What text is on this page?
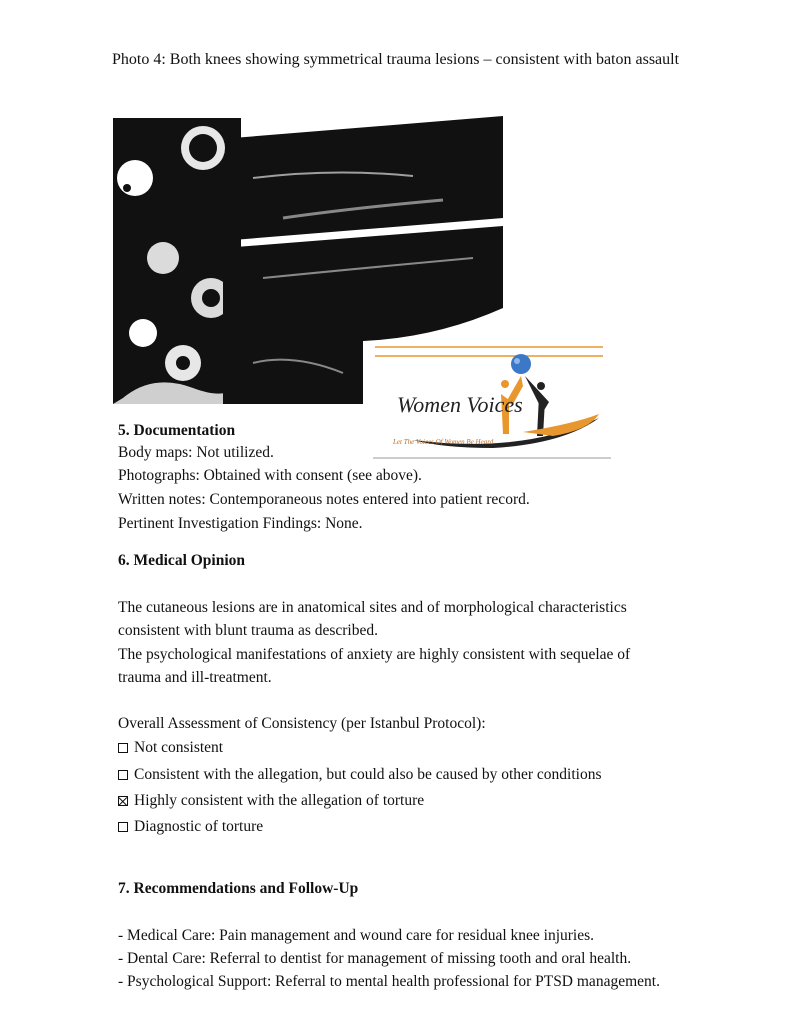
Photo 4: Both knees showing symmetrical trauma lesions – consistent with baton assault
Women Voices
Let The Voices Of Women Be Heard
5. Documentation
Body maps: Not utilized.
Photographs: Obtained with consent (see above).
Written notes: Contemporaneous notes entered into patient record.
Pertinent Investigation Findings: None.
6. Medical Opinion
The cutaneous lesions are in anatomical sites and of morphological characteristics
consistent with blunt trauma as described.
The psychological manifestations of anxiety are highly consistent with sequelae of
trauma and ill-treatment.
Overall Assessment of Consistency (per Istanbul Protocol):
Not consistent
Consistent with the allegation, but could also be caused by other conditions
Highly consistent with the allegation of torture
Diagnostic of torture
7. Recommendations and Follow-Up
- Medical Care: Pain management and wound care for residual knee injuries.
- Dental Care: Referral to dentist for management of missing tooth and oral health.
- Psychological Support: Referral to mental health professional for PTSD management.
